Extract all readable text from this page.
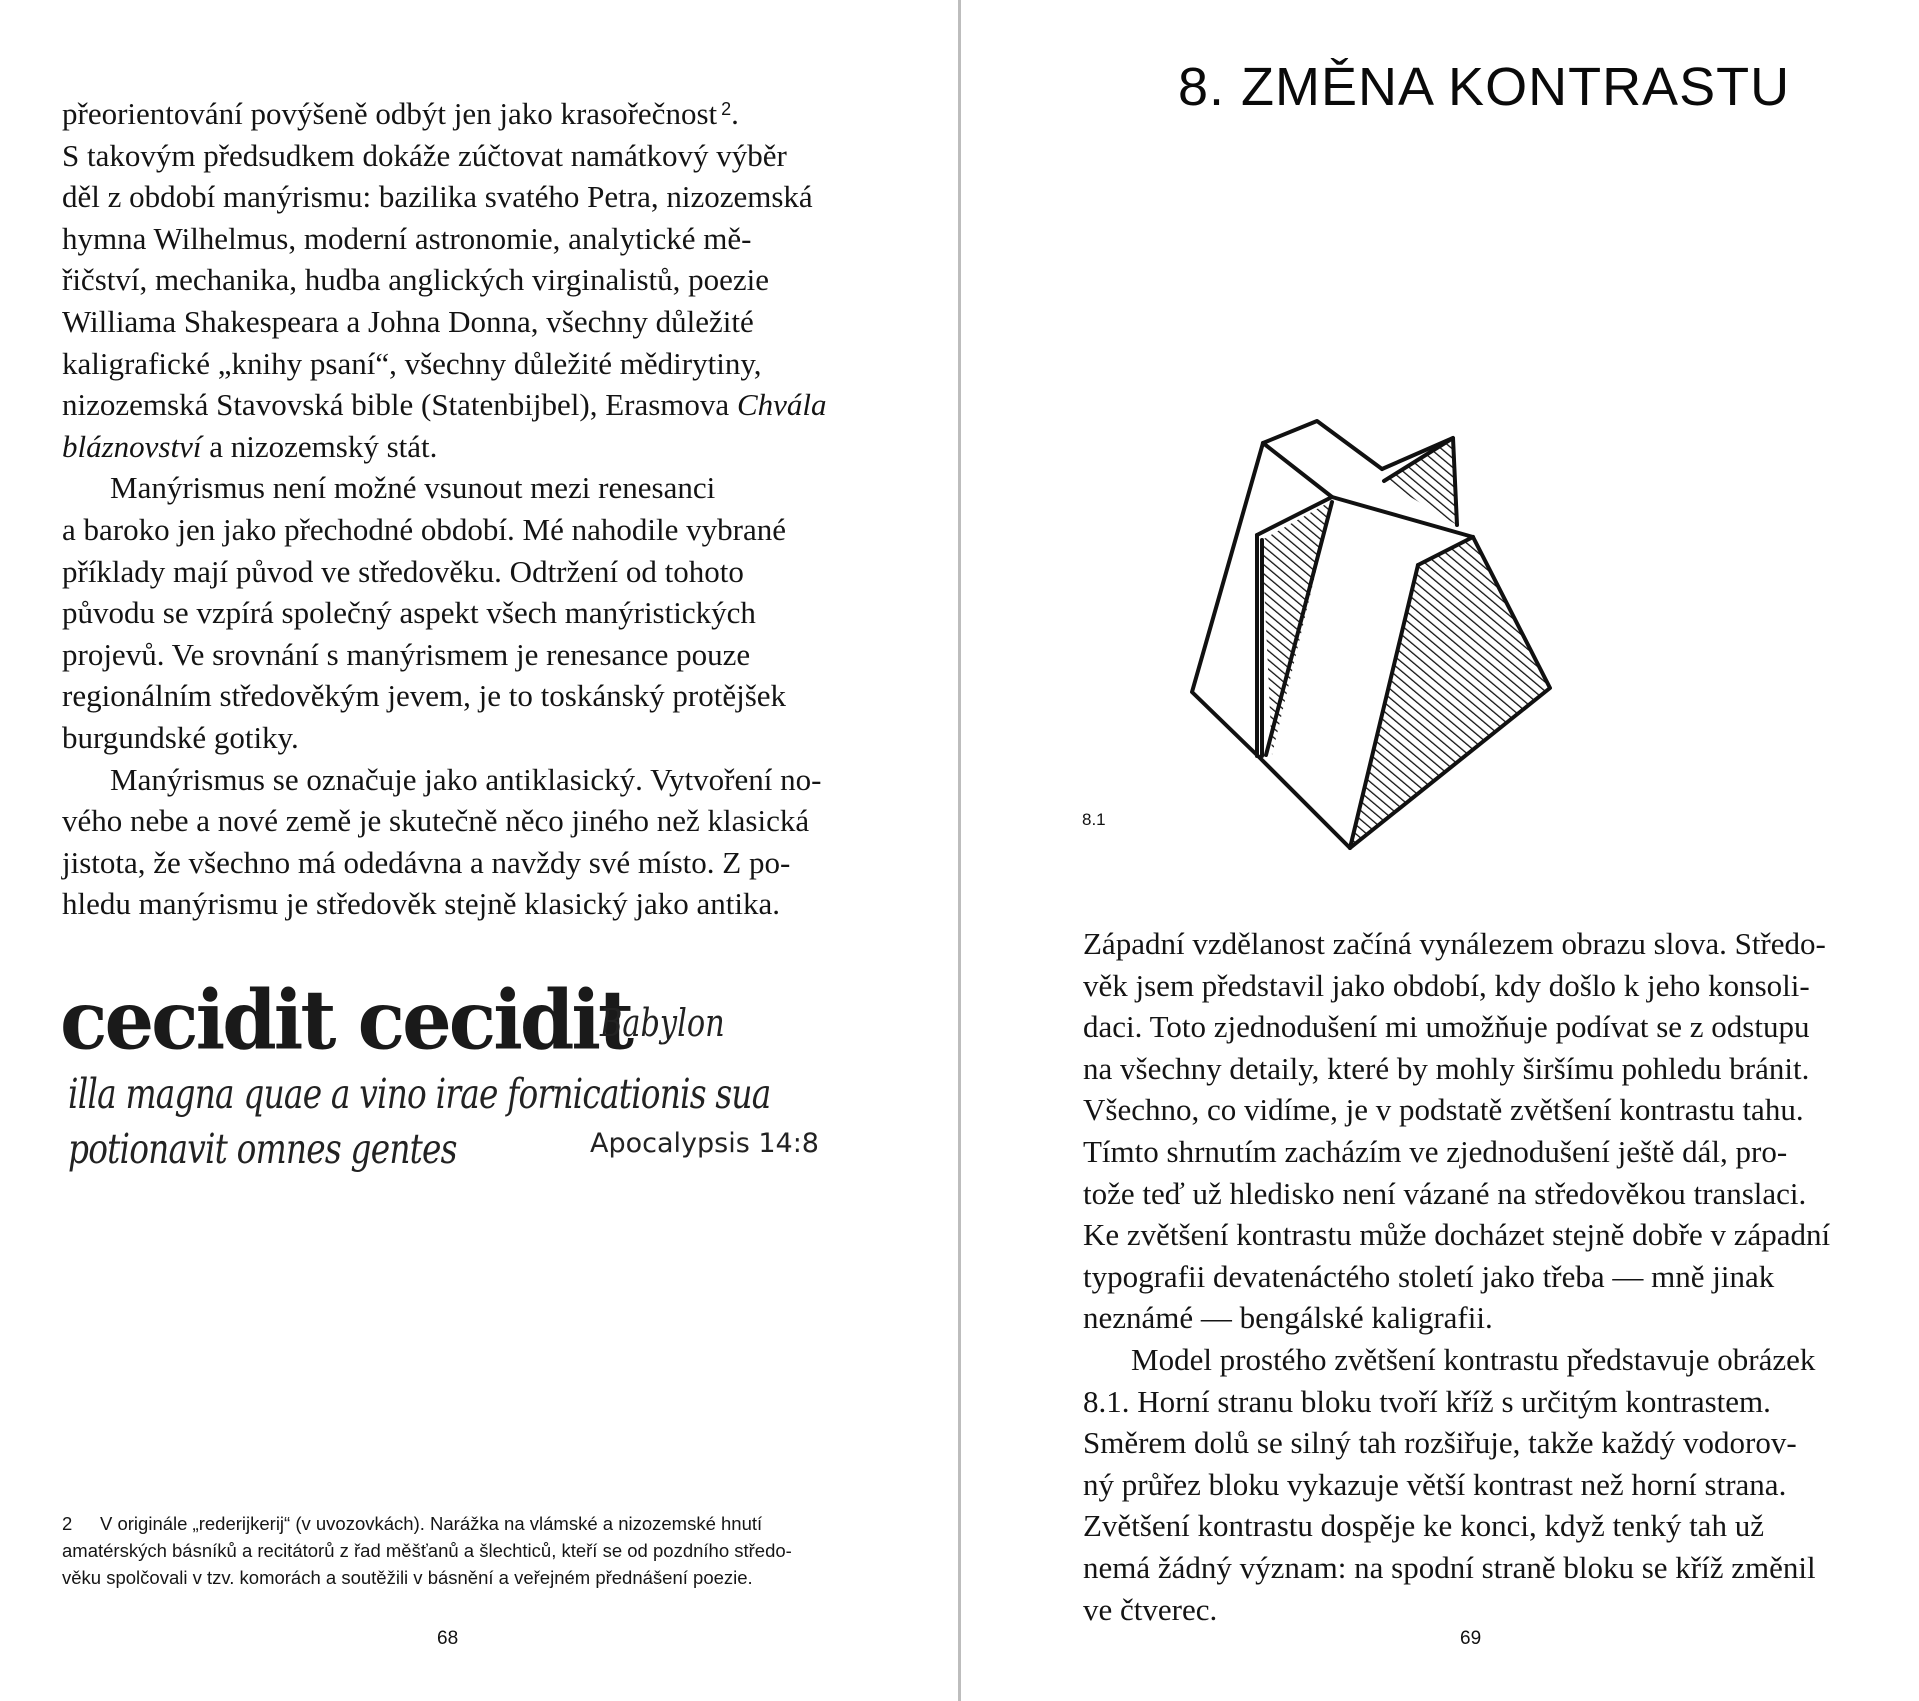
přeorientování povýšeně odbýt jen jako krasořečnost $^2$.
S takovým předsudkem dokáže zúčtovat namátkový výběr
děl z období manýrismu: bazilika svatého Petra, nizozemská
hymna Wilhelmus, moderní astronomie, analytické mě-
řičství, mechanika, hudba anglických virginalistů, poezie
Williama Shakespeara a Johna Donna, všechny důležité
kaligrafické „knihy psaní“, všechny důležité mědirytiny,
nizozemská Stavovská bible (Statenbijbel), Erasmova Chvála
bláznovství a nizozemský stát.
Manýrismus není možné vsunout mezi renesanci
a baroko jen jako přechodné období. Mé nahodile vybrané
příklady mají původ ve středověku. Odtržení od tohoto
původu se vzpírá společný aspekt všech manýristických
projevů. Ve srovnání s manýrismem je renesance pouze
regionálním středověkým jevem, je to toskánský protějšek
burgundské gotiky.
Manýrismus se označuje jako antiklasický. Vytvoření no-
vého nebe a nové země je skutečně něco jiného než klasická
jistota, že všechno má odedávna a navždy své místo. Z po-
hledu manýrismu je středověk stejně klasický jako antika.
cecidit cecidit
Babylon
illa magna quae a vino irae fornicationis sua
potionavit omnes gentes	Apocalypsis 14:8
2 V originále „rederijkerij“ (v uvozovkách). Narážka na vlámské a nizozemské hnutí
amatérských básníků a recitátorů z řad měšťanů a šlechticů, kteří se od pozdního středo-
věku spolčovali v tzv. komorách a soutěžili v básnění a veřejném přednášení poezie.
68
8. ZMĚNA KONTRASTU
8.1
Západní vzdělanost začíná vynálezem obrazu slova. Středo-
věk jsem představil jako období, kdy došlo k jeho konsoli-
daci. Toto zjednodušení mi umožňuje podívat se z odstupu
na všechny detaily, které by mohly širšímu pohledu bránit.
Všechno, co vidíme, je v podstatě zvětšení kontrastu tahu.
Tímto shrnutím zacházím ve zjednodušení ještě dál, pro-
tože teď už hledisko není vázané na středověkou translaci.
Ke zvětšení kontrastu může docházet stejně dobře v západní
typografii devatenáctého století jako třeba — mně jinak
neznámé — bengálské kaligrafii.
Model prostého zvětšení kontrastu představuje obrázek
8.1. Horní stranu bloku tvoří kříž s určitým kontrastem.
Směrem dolů se silný tah rozšiřuje, takže každý vodorov-
ný průřez bloku vykazuje větší kontrast než horní strana.
Zvětšení kontrastu dospěje ke konci, když tenký tah už
nemá žádný význam: na spodní straně bloku se kříž změnil
ve čtverec.
69
